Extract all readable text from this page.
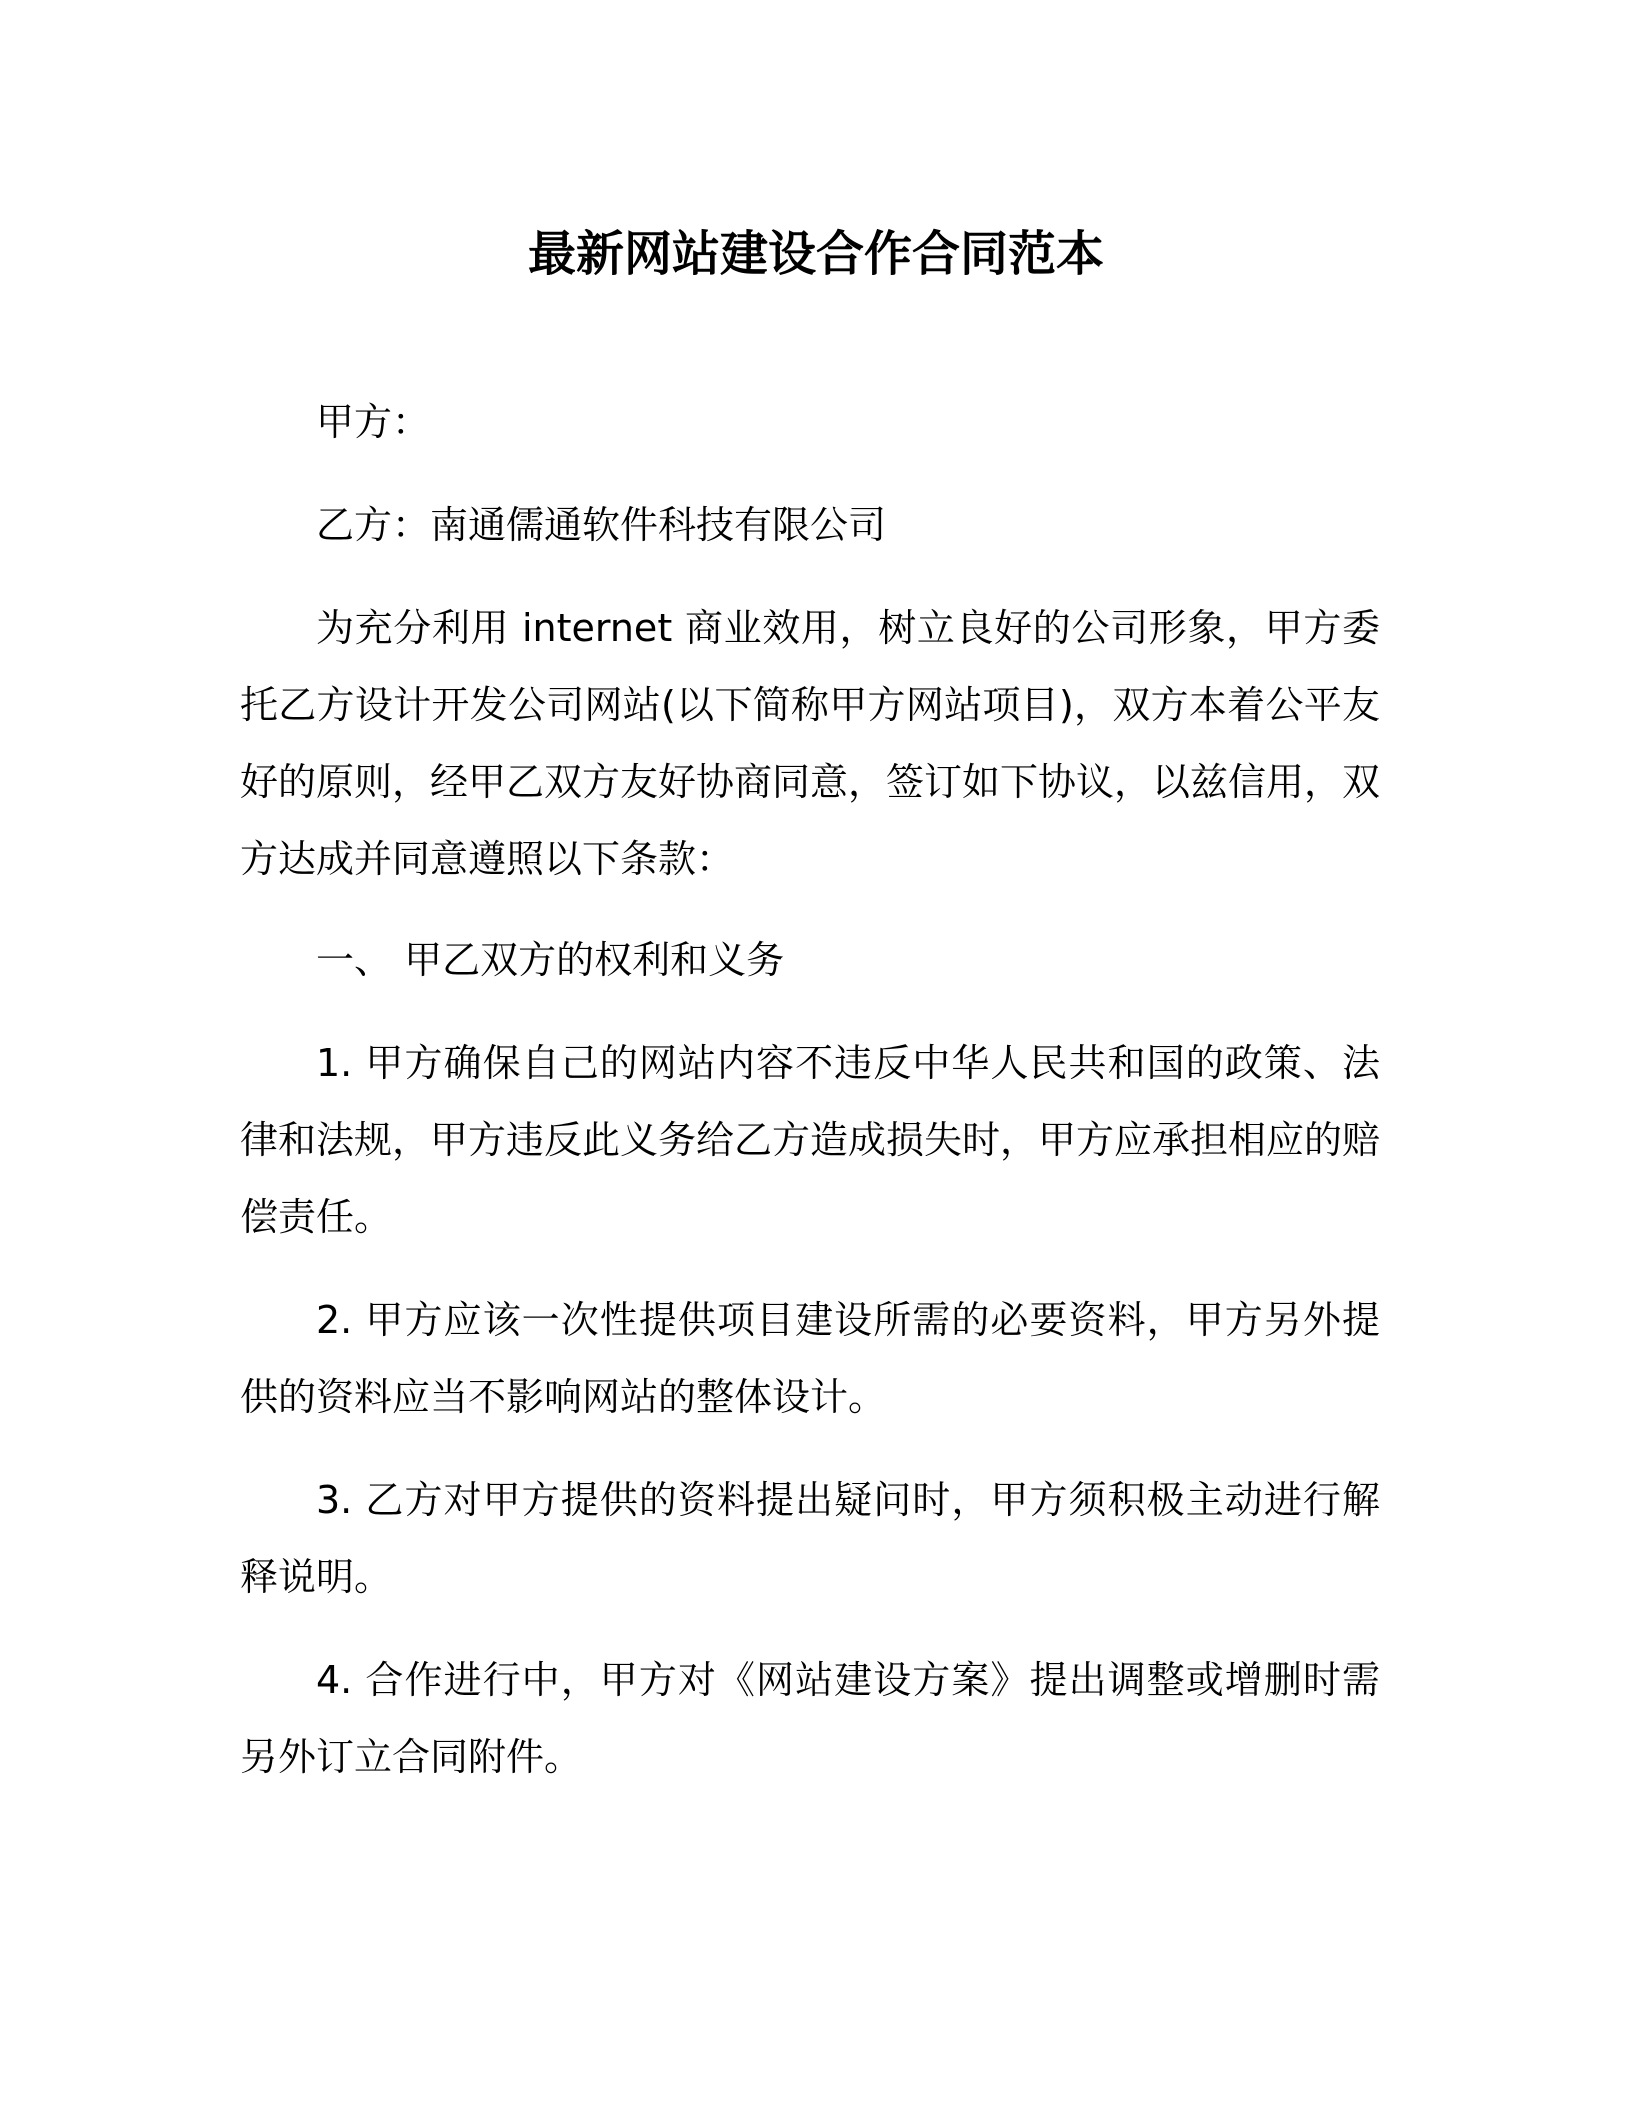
最新网站建设合作合同范本

甲方：

乙方：南通儒通软件科技有限公司

为充分利用 internet 商业效用，树立良好的公司形象，甲方委托乙方设计开发公司网站(以下简称甲方网站项目)，双方本着公平友好的原则，经甲乙双方友好协商同意，签订如下协议，以兹信用，双方达成并同意遵照以下条款：

一、 甲乙双方的权利和义务

1. 甲方确保自己的网站内容不违反中华人民共和国的政策、法律和法规，甲方违反此义务给乙方造成损失时，甲方应承担相应的赔偿责任。

2. 甲方应该一次性提供项目建设所需的必要资料，甲方另外提供的资料应当不影响网站的整体设计。

3. 乙方对甲方提供的资料提出疑问时，甲方须积极主动进行解释说明。

4. 合作进行中，甲方对《网站建设方案》提出调整或增删时需另外订立合同附件。
